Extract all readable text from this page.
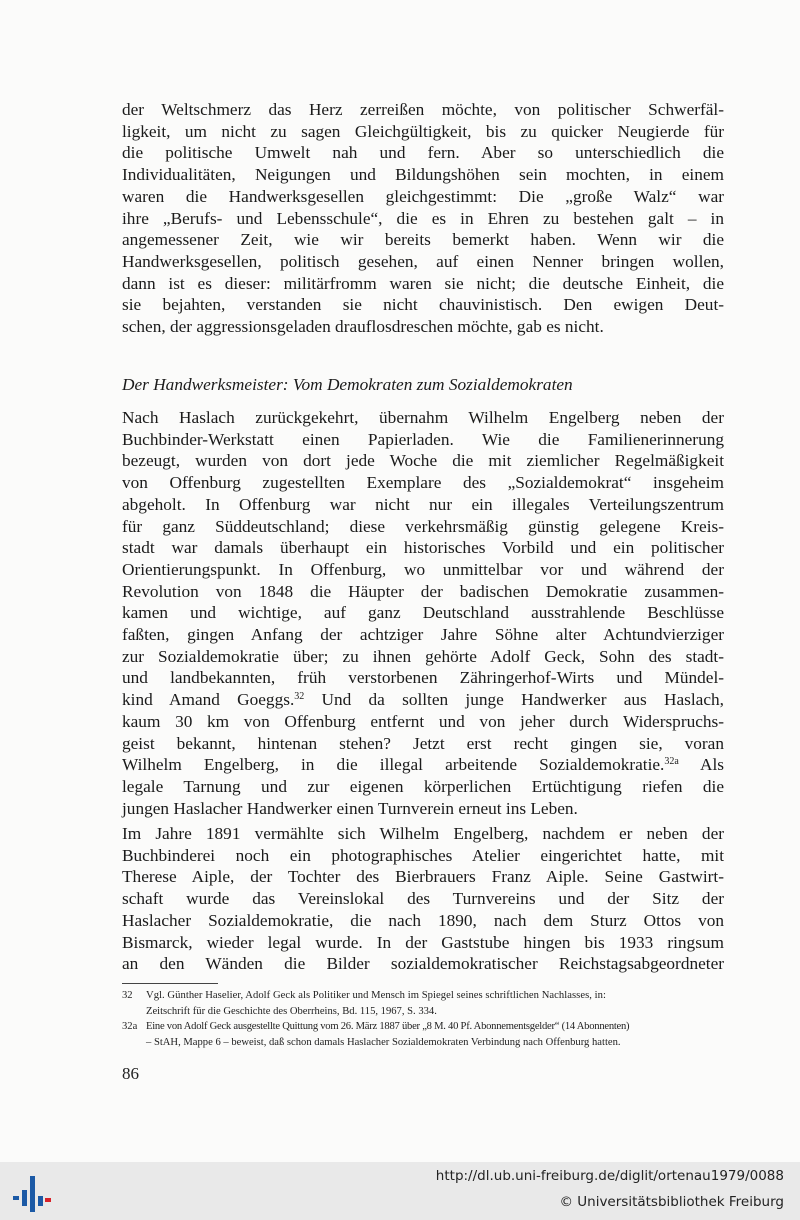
der Weltschmerz das Herz zerreißen möchte, von politischer Schwerfäl-
ligkeit, um nicht zu sagen Gleichgültigkeit, bis zu quicker Neugierde für
die politische Umwelt nah und fern. Aber so unterschiedlich die
Individualitäten, Neigungen und Bildungshöhen sein mochten, in einem
waren die Handwerksgesellen gleichgestimmt: Die „große Walz“ war
ihre „Berufs- und Lebensschule“, die es in Ehren zu bestehen galt – in
angemessener Zeit, wie wir bereits bemerkt haben. Wenn wir die
Handwerksgesellen, politisch gesehen, auf einen Nenner bringen wollen,
dann ist es dieser: militärfromm waren sie nicht; die deutsche Einheit, die
sie bejahten, verstanden sie nicht chauvinistisch. Den ewigen Deut-
schen, der aggressionsgeladen drauflosdreschen möchte, gab es nicht.

Der Handwerksmeister: Vom Demokraten zum Sozialdemokraten

Nach Haslach zurückgekehrt, übernahm Wilhelm Engelberg neben der
Buchbinder-Werkstatt einen Papierladen. Wie die Familienerinnerung
bezeugt, wurden von dort jede Woche die mit ziemlicher Regelmäßigkeit
von Offenburg zugestellten Exemplare des „Sozialdemokrat“ insgeheim
abgeholt. In Offenburg war nicht nur ein illegales Verteilungszentrum
für ganz Süddeutschland; diese verkehrsmäßig günstig gelegene Kreis-
stadt war damals überhaupt ein historisches Vorbild und ein politischer
Orientierungspunkt. In Offenburg, wo unmittelbar vor und während der
Revolution von 1848 die Häupter der badischen Demokratie zusammen-
kamen und wichtige, auf ganz Deutschland ausstrahlende Beschlüsse
faßten, gingen Anfang der achtziger Jahre Söhne alter Achtundvierziger
zur Sozialdemokratie über; zu ihnen gehörte Adolf Geck, Sohn des stadt-
und landbekannten, früh verstorbenen Zähringerhof-Wirts und Mündel-
kind Amand Goeggs.$^{32}$ Und da sollten junge Handwerker aus Haslach,
kaum 30 km von Offenburg entfernt und von jeher durch Widerspruchs-
geist bekannt, hintenan stehen? Jetzt erst recht gingen sie, voran
Wilhelm Engelberg, in die illegal arbeitende Sozialdemokratie.$^{32a}$ Als
legale Tarnung und zur eigenen körperlichen Ertüchtigung riefen die
jungen Haslacher Handwerker einen Turnverein erneut ins Leben.
Im Jahre 1891 vermählte sich Wilhelm Engelberg, nachdem er neben der
Buchbinderei noch ein photographisches Atelier eingerichtet hatte, mit
Therese Aiple, der Tochter des Bierbrauers Franz Aiple. Seine Gastwirt-
schaft wurde das Vereinslokal des Turnvereins und der Sitz der
Haslacher Sozialdemokratie, die nach 1890, nach dem Sturz Ottos von
Bismarck, wieder legal wurde. In der Gaststube hingen bis 1933 ringsum
an den Wänden die Bilder sozialdemokratischer Reichstagsabgeordneter
32	Vgl. Günther Haselier, Adolf Geck als Politiker und Mensch im Spiegel seines schriftlichen Nachlasses, in:
Zeitschrift für die Geschichte des Oberrheins, Bd. 115, 1967, S. 334.
32a Eine von Adolf Geck ausgestellte Quittung vom 26. März 1887 über „8 M. 40 Pf. Abonnementsgelder“ (14 Abonnenten)
– StAH, Mappe 6 – beweist, daß schon damals Haslacher Sozialdemokraten Verbindung nach Offenburg hatten.
86
http://dl.ub.uni-freiburg.de/diglit/ortenau1979/0088
© Universitätsbibliothek Freiburg
